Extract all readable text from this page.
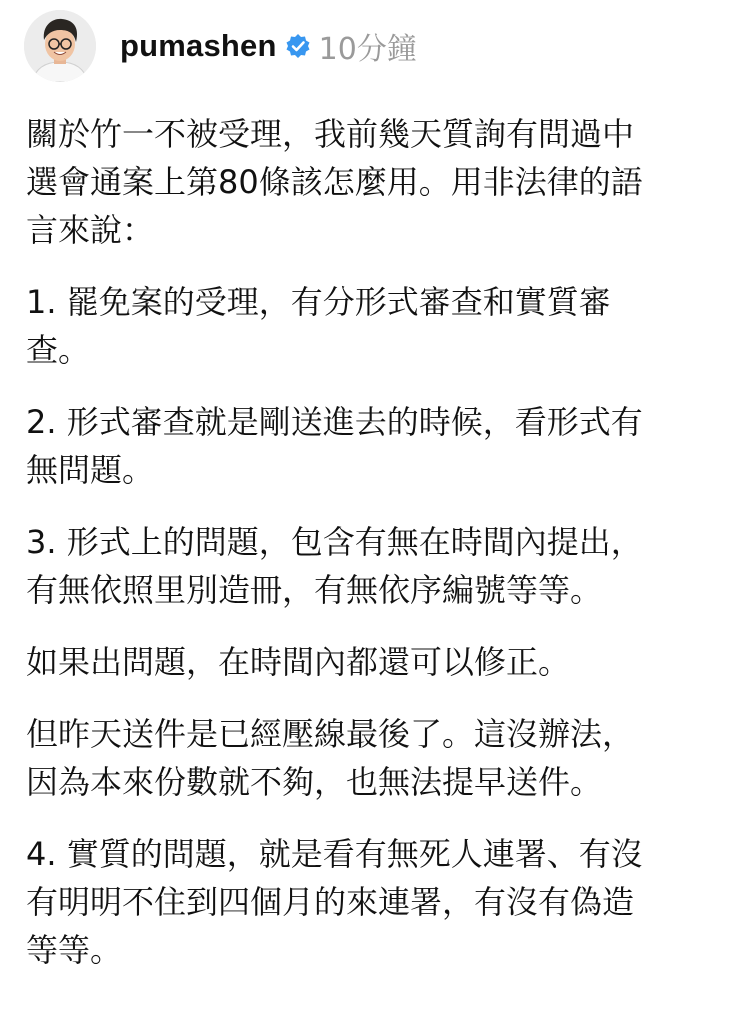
pumashen 10分鐘

關於竹一不被受理，我前幾天質詢有問過中
選會通案上第80條該怎麼用。用非法律的語
言來說：

1. 罷免案的受理，有分形式審查和實質審
查。

2. 形式審查就是剛送進去的時候，看形式有
無問題。

3. 形式上的問題，包含有無在時間內提出，
有無依照里別造冊，有無依序編號等等。

如果出問題，在時間內都還可以修正。

但昨天送件是已經壓線最後了。這沒辦法，
因為本來份數就不夠，也無法提早送件。

4. 實質的問題，就是看有無死人連署、有沒
有明明不住到四個月的來連署，有沒有偽造
等等。
